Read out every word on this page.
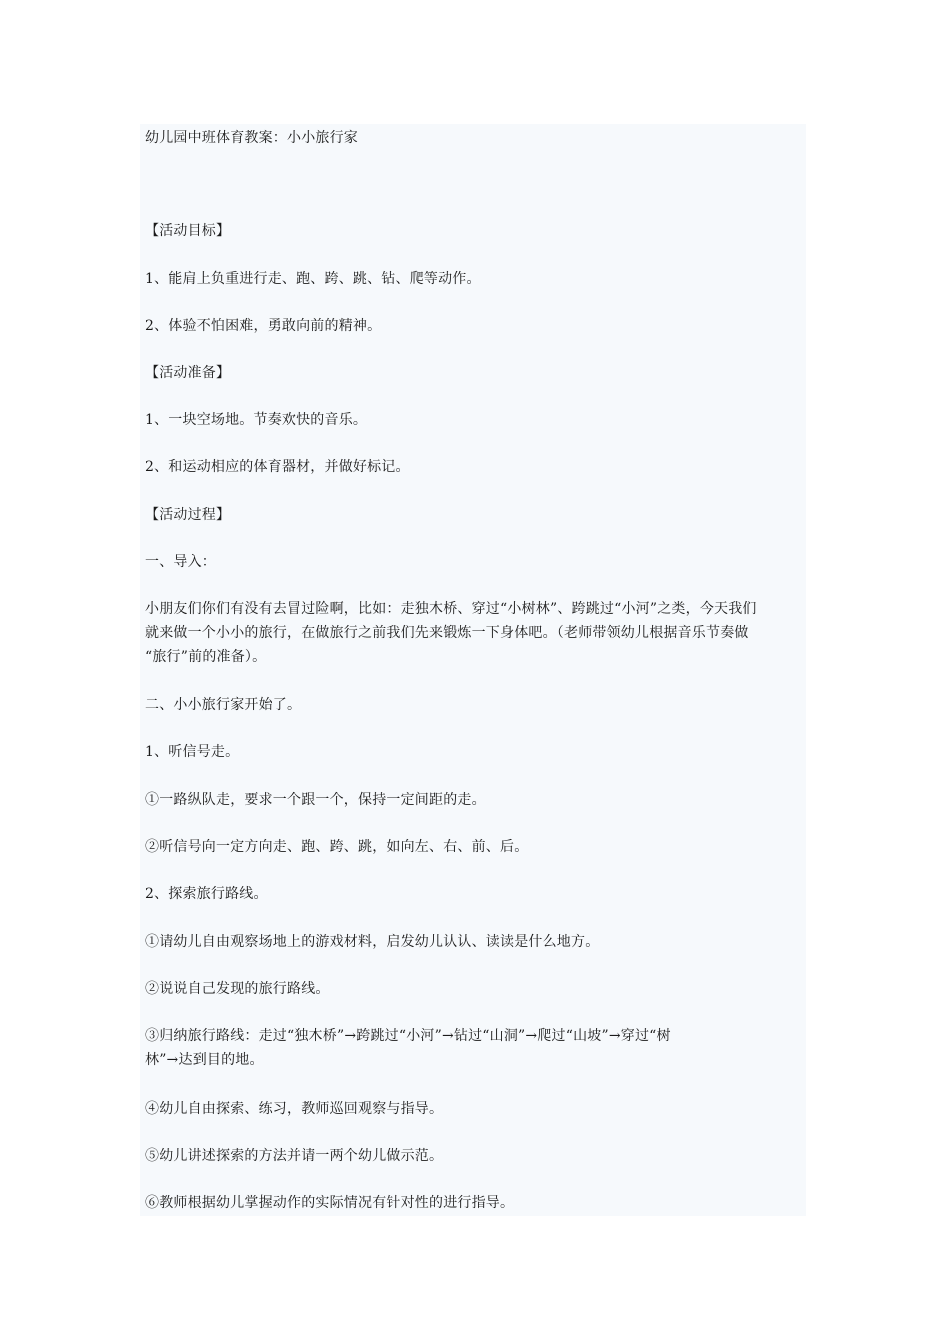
幼儿园中班体育教案：小小旅行家
【活动目标】
1、能肩上负重进行走、跑、跨、跳、钻、爬等动作。
2、体验不怕困难，勇敢向前的精神。
【活动准备】
1、一块空场地。节奏欢快的音乐。
2、和运动相应的体育器材，并做好标记。
【活动过程】
一、导入：
小朋友们你们有没有去冒过险啊，比如：走独木桥、穿过“小树林”、跨跳过“小河”之类，今天我们
就来做一个小小的旅行，在做旅行之前我们先来锻炼一下身体吧。（老师带领幼儿根据音乐节奏做
“旅行”前的准备）。
二、小小旅行家开始了。
1、听信号走。
①一路纵队走，要求一个跟一个，保持一定间距的走。
②听信号向一定方向走、跑、跨、跳，如向左、右、前、后。
2、探索旅行路线。
①请幼儿自由观察场地上的游戏材料，启发幼儿认认、读读是什么地方。
②说说自己发现的旅行路线。
③归纳旅行路线：走过“独木桥”→跨跳过“小河”→钻过“山洞”→爬过“山坡”→穿过“树
林”→达到目的地。
④幼儿自由探索、练习，教师巡回观察与指导。
⑤幼儿讲述探索的方法并请一两个幼儿做示范。
⑥教师根据幼儿掌握动作的实际情况有针对性的进行指导。
